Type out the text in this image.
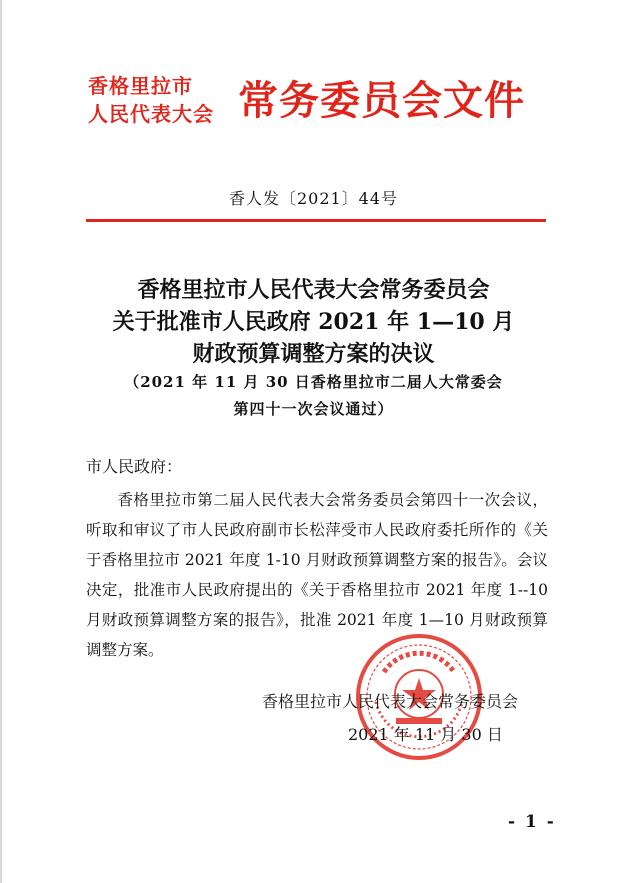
香格里拉市
人民代表大会 常务委员会文件
香人发〔2021〕44号
香格里拉市人民代表大会常务委员会
关于批准市人民政府 2021 年 1—10 月
财政预算调整方案的决议
（2021 年 11 月 30 日香格里拉市二届人大常委会
第四十一次会议通过）
市人民政府：
香格里拉市第二届人民代表大会常务委员会第四十一次会议，听取和审议了市人民政府副市长松萍受市人民政府委托所作的《关于香格里拉市 2021 年度 1-10 月财政预算调整方案的报告》。会议决定，批准市人民政府提出的《关于香格里拉市 2021 年度 1--10 月财政预算调整方案的报告》，批准 2021 年度 1—10 月财政预算调整方案。
香格里拉市人民代表大会常务委员会
2021 年 11 月 30 日
- 1 -
